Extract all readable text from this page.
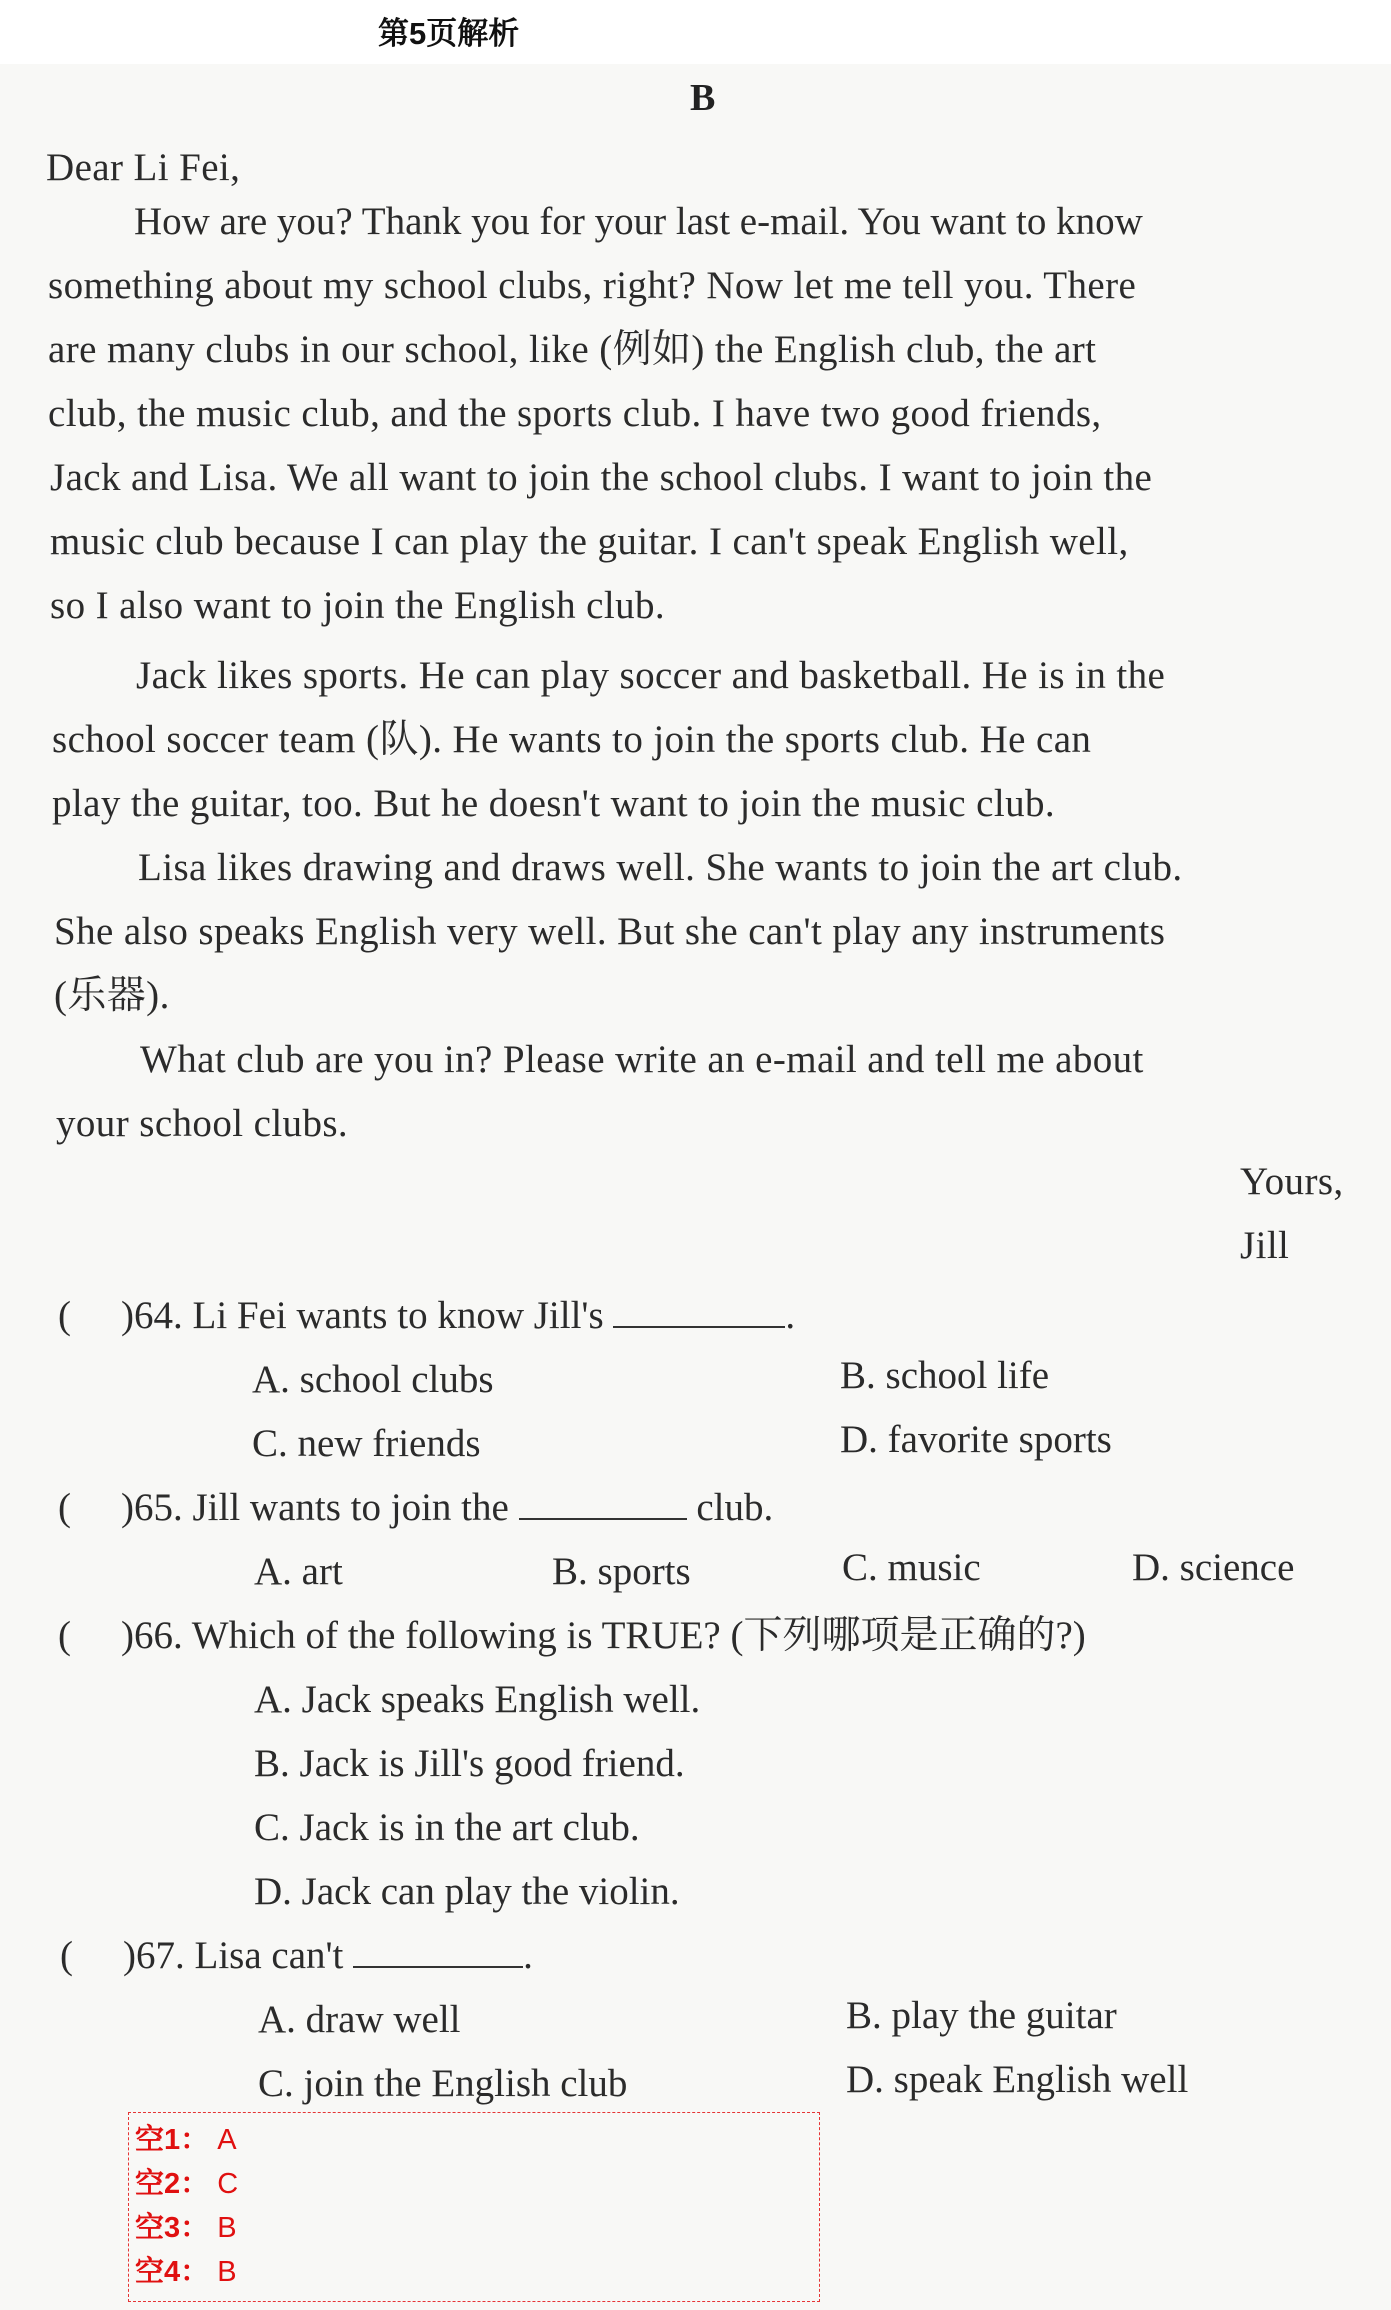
第5页解析
B
Dear Li Fei,
How are you? Thank you for your last e-mail. You want to know
something about my school clubs, right? Now let me tell you. There
are many clubs in our school, like (例如) the English club, the art
club, the music club, and the sports club. I have two good friends,
Jack and Lisa. We all want to join the school clubs. I want to join the
music club because I can play the guitar. I can't speak English well,
so I also want to join the English club.
Jack likes sports. He can play soccer and basketball. He is in the
school soccer team (队). He wants to join the sports club. He can
play the guitar, too. But he doesn't want to join the music club.
Lisa likes drawing and draws well. She wants to join the art club.
She also speaks English very well. But she can't play any instruments
(乐器).
What club are you in? Please write an e-mail and tell me about
your school clubs.
Yours,
Jill
( )64. Li Fei wants to know Jill's	.
A. school clubs	B. school life
C. new friends	D. favorite sports
( )65. Jill wants to join the	club.
A. art	B. sports	C. music	D. science
( )66. Which of the following is TRUE? (下列哪项是正确的?)
A. Jack speaks English well.
B. Jack is Jill's good friend.
C. Jack is in the art club.
D. Jack can play the violin.
( )67. Lisa can't	.
A. draw well	B. play the guitar
C. join the English club	D. speak English well
空1： A
空2： C
空3： B
空4： B
